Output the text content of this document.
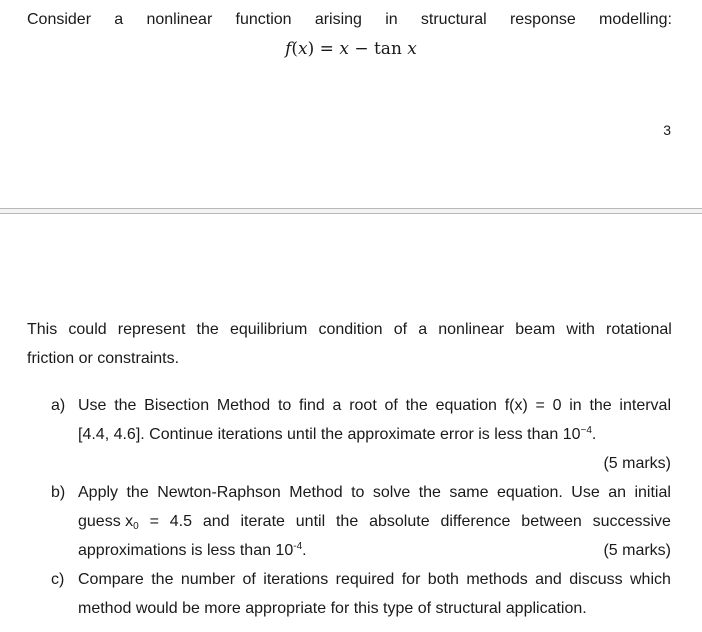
Consider a nonlinear function arising in structural response modelling:
f(x) = x − tan x
3
This could represent the equilibrium condition of a nonlinear beam with rotational
friction or constraints.
a) Use the Bisection Method to find a root of the equation f(x) = 0 in the interval
[4.4, 4.6]. Continue iterations until the approximate error is less than $10^{-4}$.
(5 marks)
b) Apply the Newton-Raphson Method to solve the same equation. Use an initial
guess $x_0 = 4.5$ and iterate until the absolute difference between successive
approximations is less than $10^{-4}$.	(5 marks)
c) Compare the number of iterations required for both methods and discuss which
method would be more appropriate for this type of structural application.
